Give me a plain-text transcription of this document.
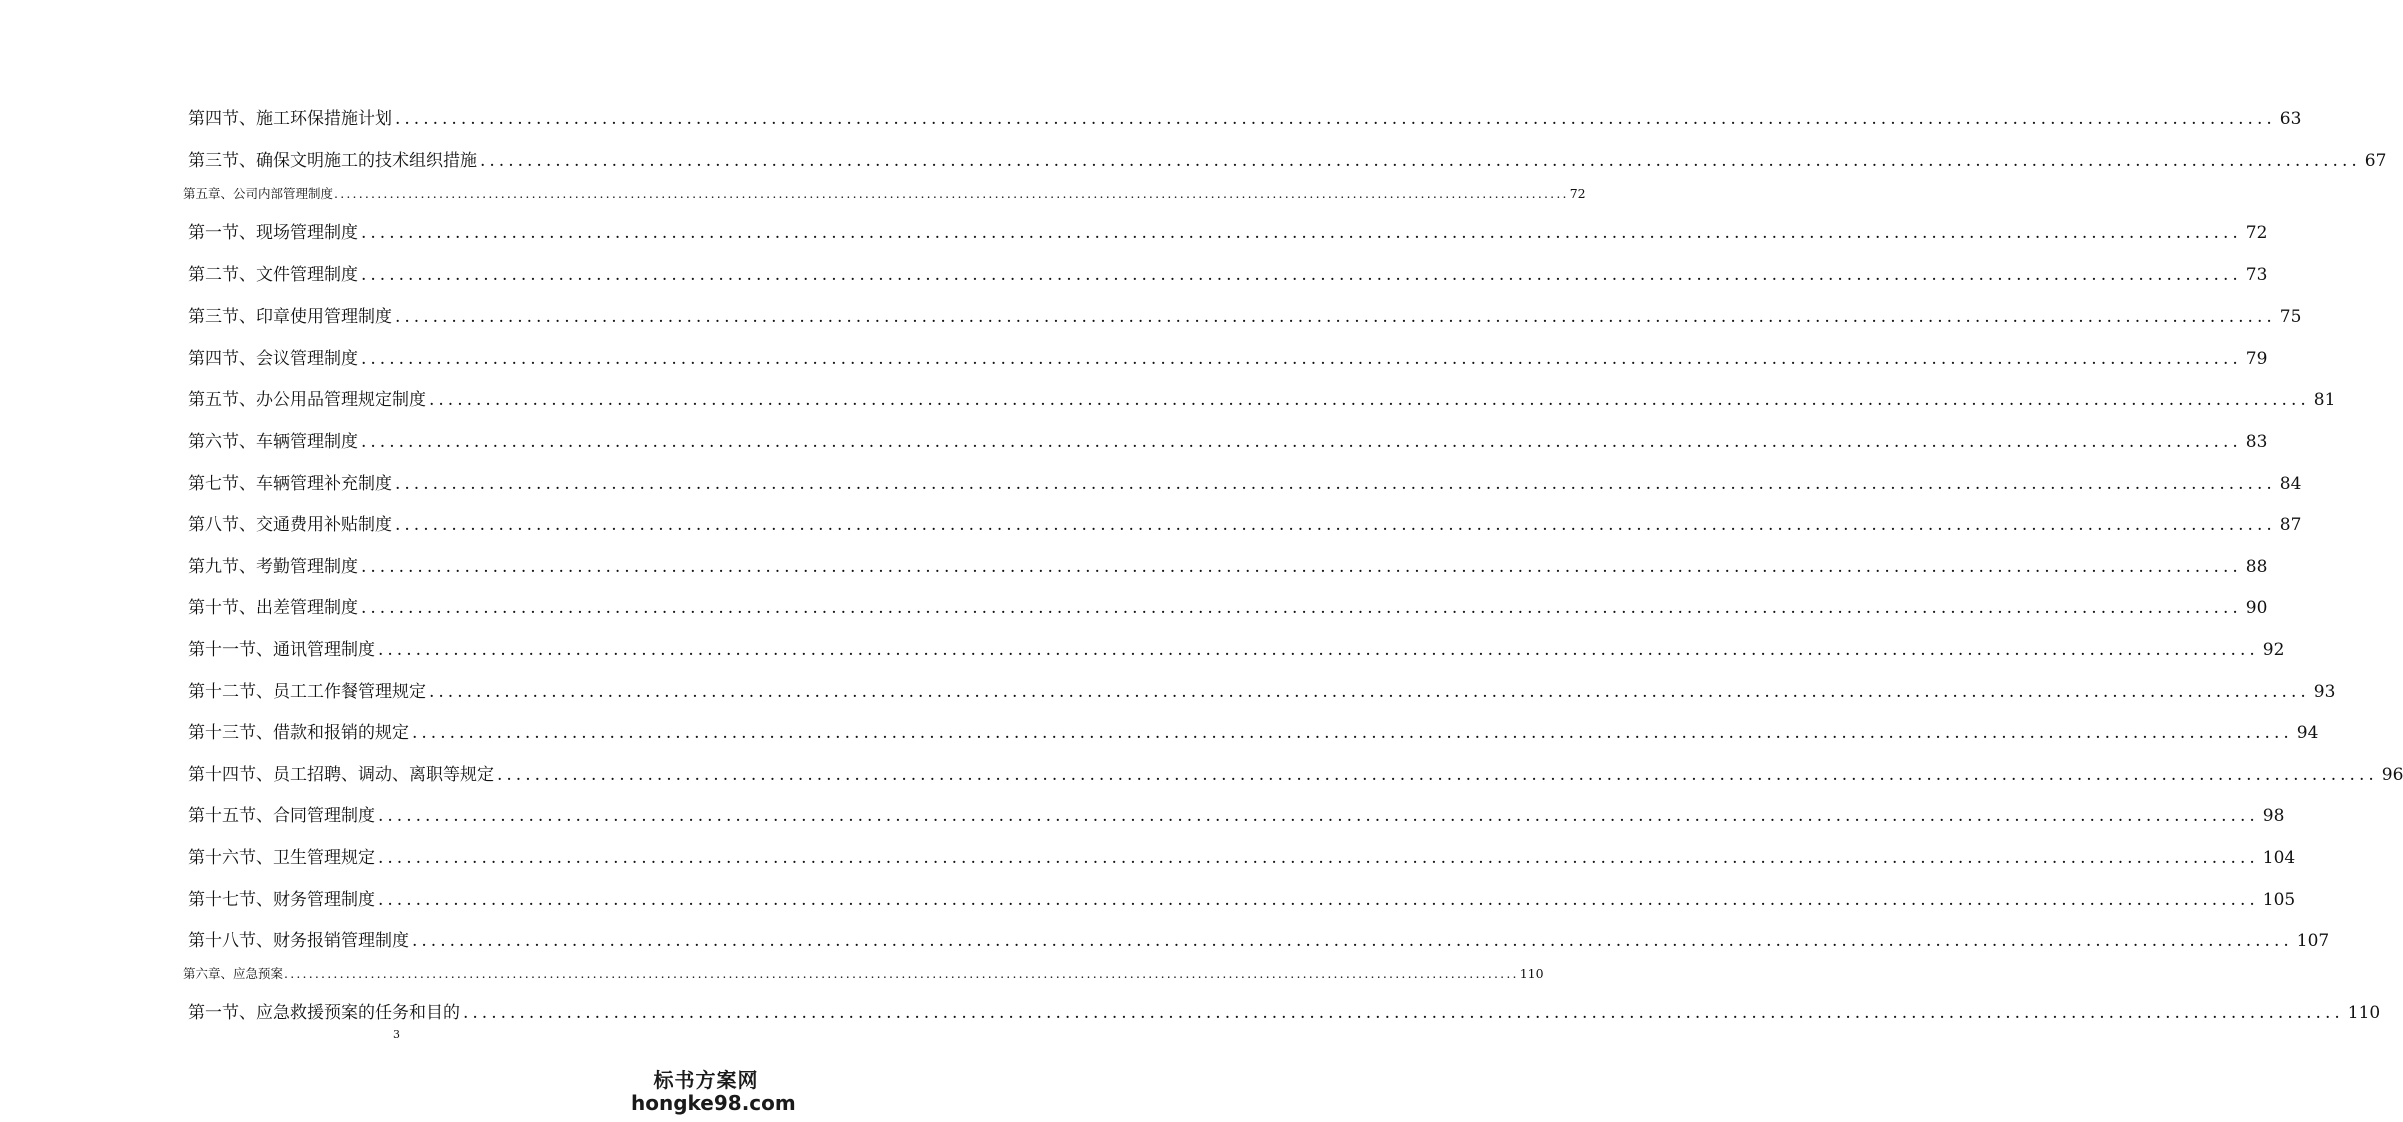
第四节、施工环保措施计划 ........................................................................................................................................................................................................ 63
第三节、确保文明施工的技术组织措施 ........................................................................................................................................................................................................ 67
第五章、公司内部管理制度 ........................................................................................................................................................................................................ 72
第一节、现场管理制度 ........................................................................................................................................................................................................ 72
第二节、文件管理制度 ........................................................................................................................................................................................................ 73
第三节、印章使用管理制度 ........................................................................................................................................................................................................ 75
第四节、会议管理制度 ........................................................................................................................................................................................................ 79
第五节、办公用品管理规定制度 ........................................................................................................................................................................................................ 81
第六节、车辆管理制度 ........................................................................................................................................................................................................ 83
第七节、车辆管理补充制度 ........................................................................................................................................................................................................ 84
第八节、交通费用补贴制度 ........................................................................................................................................................................................................ 87
第九节、考勤管理制度 ........................................................................................................................................................................................................ 88
第十节、出差管理制度 ........................................................................................................................................................................................................ 90
第十一节、通讯管理制度 ........................................................................................................................................................................................................ 92
第十二节、员工工作餐管理规定 ........................................................................................................................................................................................................ 93
第十三节、借款和报销的规定 ........................................................................................................................................................................................................ 94
第十四节、员工招聘、调动、离职等规定 ........................................................................................................................................................................................................ 96
第十五节、合同管理制度 ........................................................................................................................................................................................................ 98
第十六节、卫生管理规定 ........................................................................................................................................................................................................ 104
第十七节、财务管理制度 ........................................................................................................................................................................................................ 105
第十八节、财务报销管理制度 ........................................................................................................................................................................................................ 107
第六章、应急预案 ........................................................................................................................................................................................................ 110
第一节、应急救援预案的任务和目的 ........................................................................................................................................................................................................ 110
3
标书方案网
hongke98.com
